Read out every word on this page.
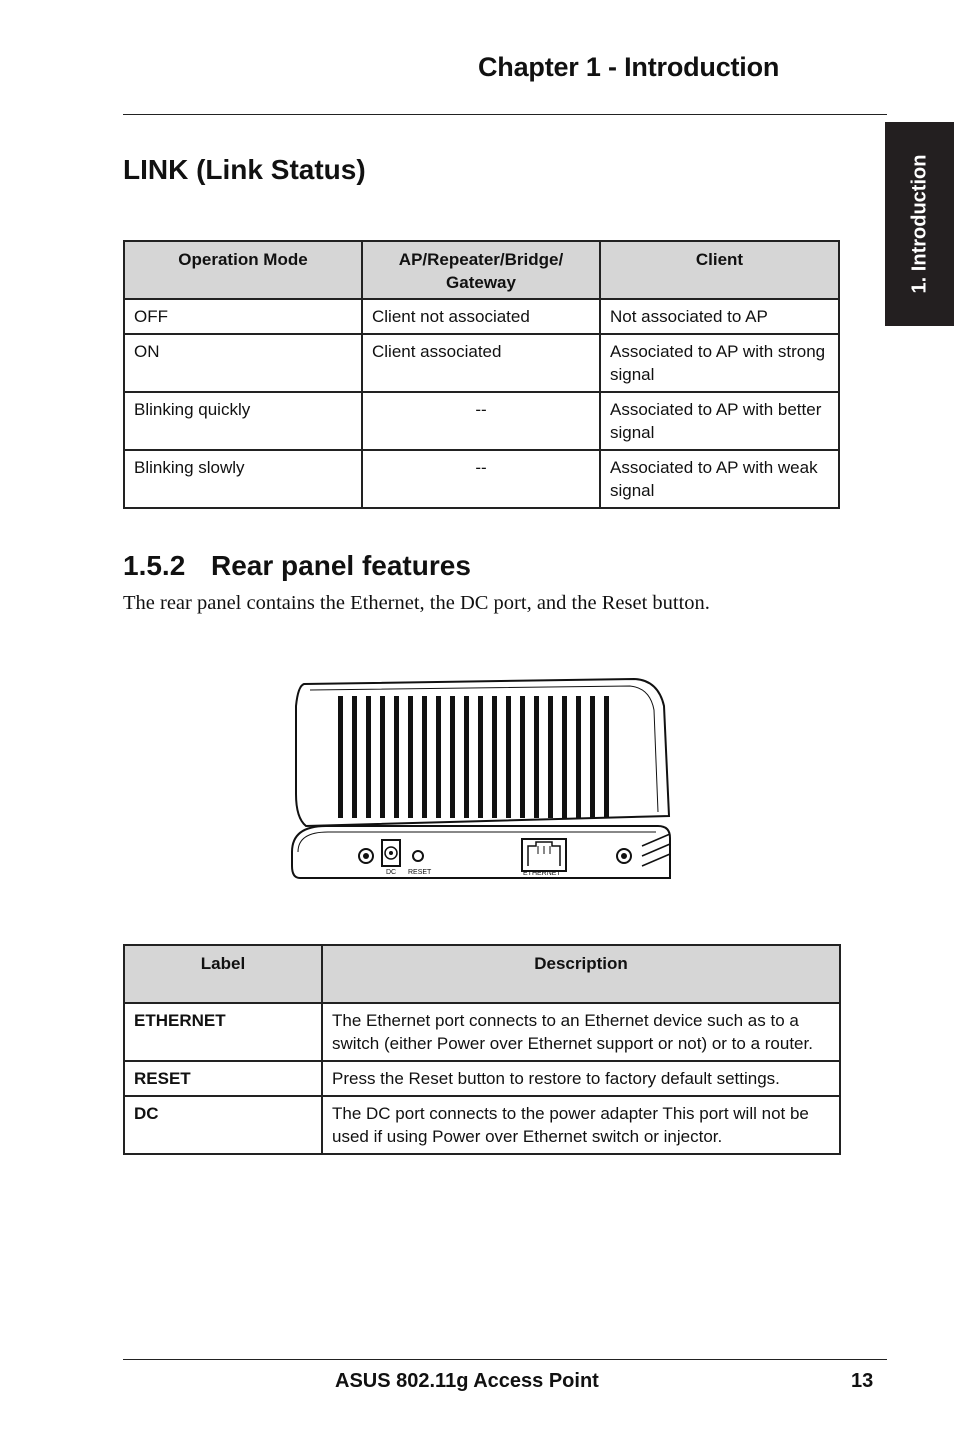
Chapter 1 - Introduction
1. Introduction
LINK (Link Status)
Operation Mode	AP/Repeater/Bridge/ Gateway	Client
OFF	Client not associated	Not associated to AP
ON	Client associated	Associated to AP with strong signal
Blinking quickly	--	Associated to AP with better signal
Blinking slowly	--	Associated to AP with weak signal
1.5.2 Rear panel features
The rear panel contains the Ethernet, the DC port, and the Reset button.
DC RESET	ETHERNET
Label	Description
ETHERNET	The Ethernet port connects to an Ethernet device such as to a switch (either Power over Ethernet support or not) or to a router.
RESET	Press the Reset button to restore to factory default settings.
DC	The DC port connects to the power adapter This port will not be used if using Power over Ethernet switch or injector.
ASUS 802.11g Access Point	13
